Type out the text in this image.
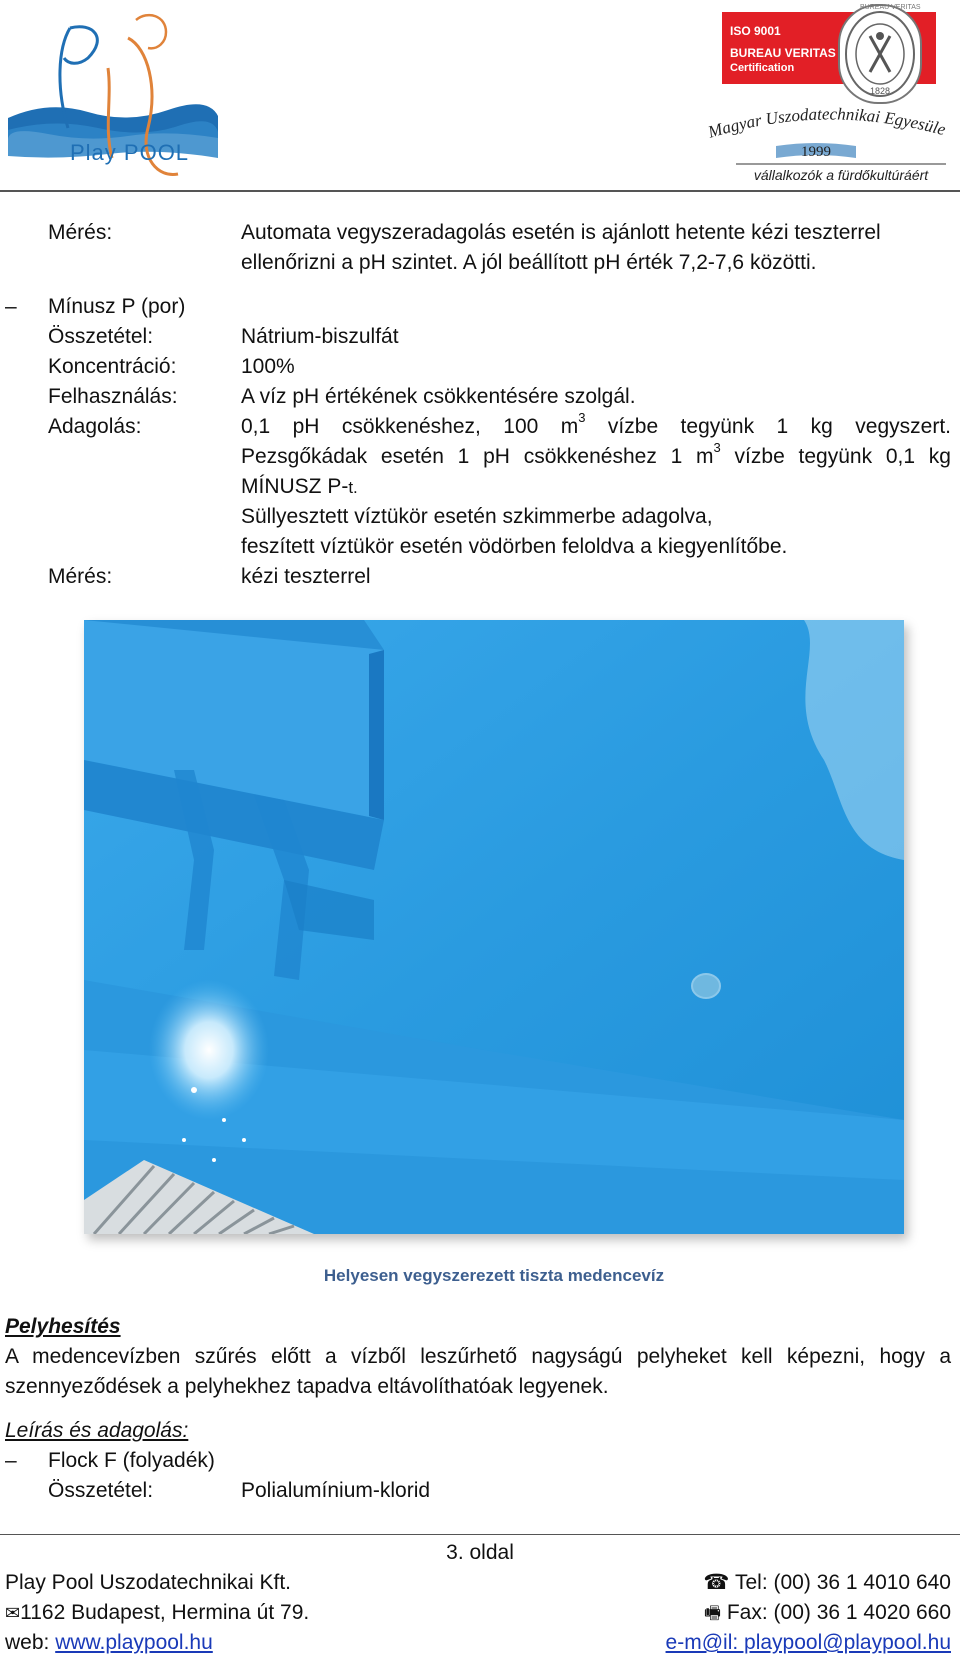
Play POOL
ISO 9001
BUREAU VERITAS
Certification
1828
Magyar Uszodatechnikai Egyesüle
1999
vállalkozók a fürdőkultúráért
Mérés:	Automata vegyszeradagolás esetén is ajánlott hetente kézi teszterrel
ellenőrizni a pH szintet. A jól beállított pH érték 7,2-7,6 közötti.
– Mínusz P (por)
Összetétel:	Nátrium-biszulfát
Koncentráció:	100%
Felhasználás:	A víz pH értékének csökkentésére szolgál.
Adagolás:	0,1 pH csökkenéshez, 100 $m^3$ vízbe tegyünk 1 kg vegyszert.
Pezsgőkádak esetén 1 pH csökkenéshez 1 $m^3$ vízbe tegyünk 0,1 kg
MÍNUSZ P-t.
Süllyesztett víztükör esetén szkimmerbe adagolva,
feszített víztükör esetén vödörben feloldva a kiegyenlítőbe.
Mérés:	kézi teszterrel
Helyesen vegyszerezett tiszta medencevíz
Pelyhesítés
A medencevízben szűrés előtt a vízből leszűrhető nagyságú pelyheket kell képezni, hogy a
szennyeződések a pelyhekhez tapadva eltávolíthatóak legyenek.
Leírás és adagolás:
– Flock F (folyadék)
Összetétel:	Polialumínium-klorid
3. oldal
Play Pool Uszodatechnikai Kft.
✉1162 Budapest, Hermina út 79.
web: www.playpool.hu
☎ Tel: (00) 36 1 4010 640
🖷 Fax: (00) 36 1 4020 660
e-m@il: playpool@playpool.hu
BUREAU VERITAS
